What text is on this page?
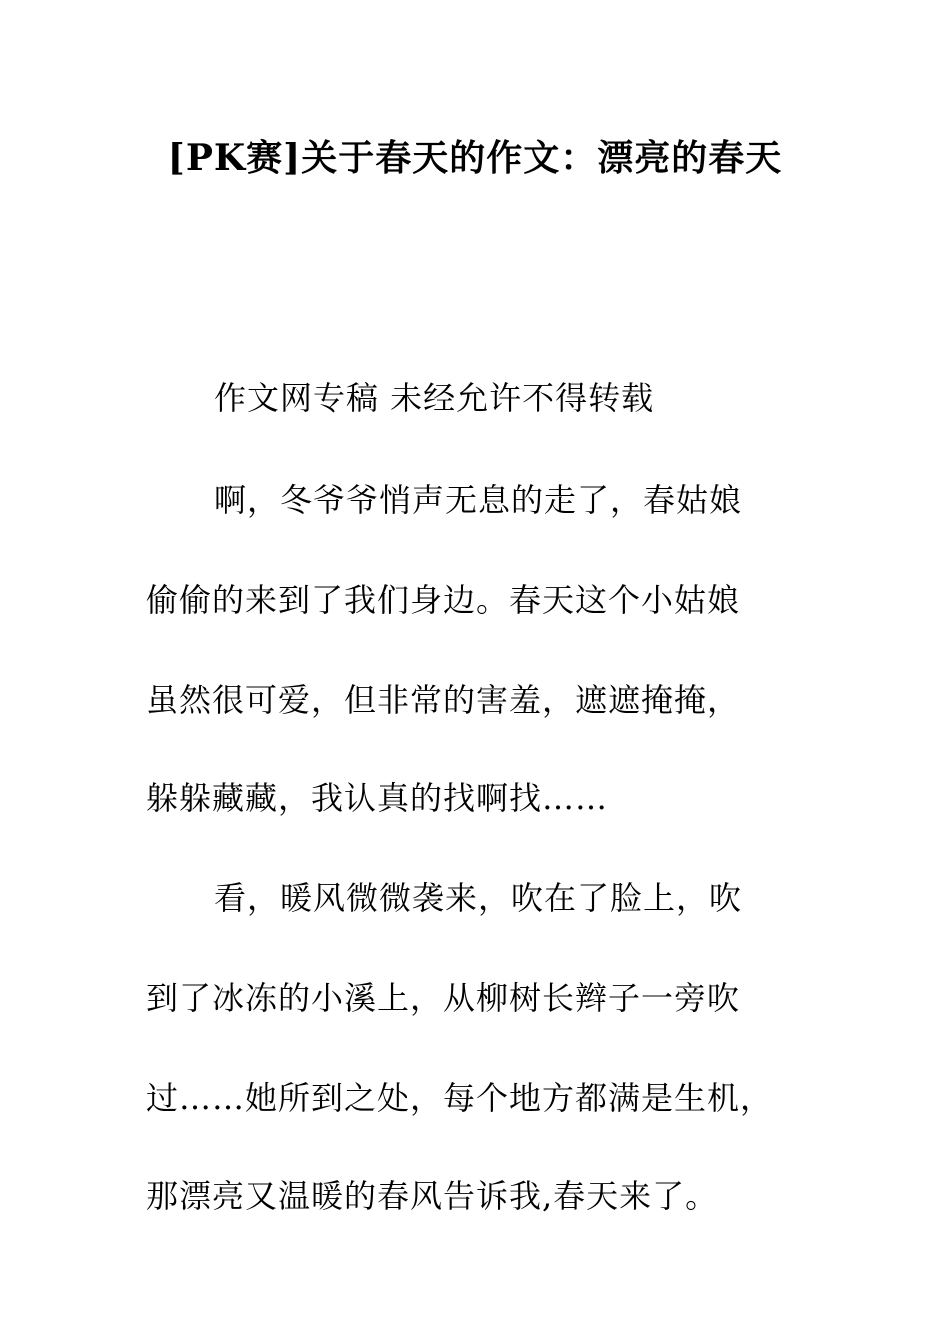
[PK赛]关于春天的作文：漂亮的春天
作文网专稿 未经允许不得转载
啊，冬爷爷悄声无息的走了，春姑娘
偷偷的来到了我们身边。春天这个小姑娘
虽然很可爱，但非常的害羞，遮遮掩掩，
躲躲藏藏，我认真的找啊找……
看，暖风微微袭来，吹在了脸上，吹
到了冰冻的小溪上，从柳树长辫子一旁吹
过……她所到之处，每个地方都满是生机，
那漂亮又温暖的春风告诉我,春天来了。
